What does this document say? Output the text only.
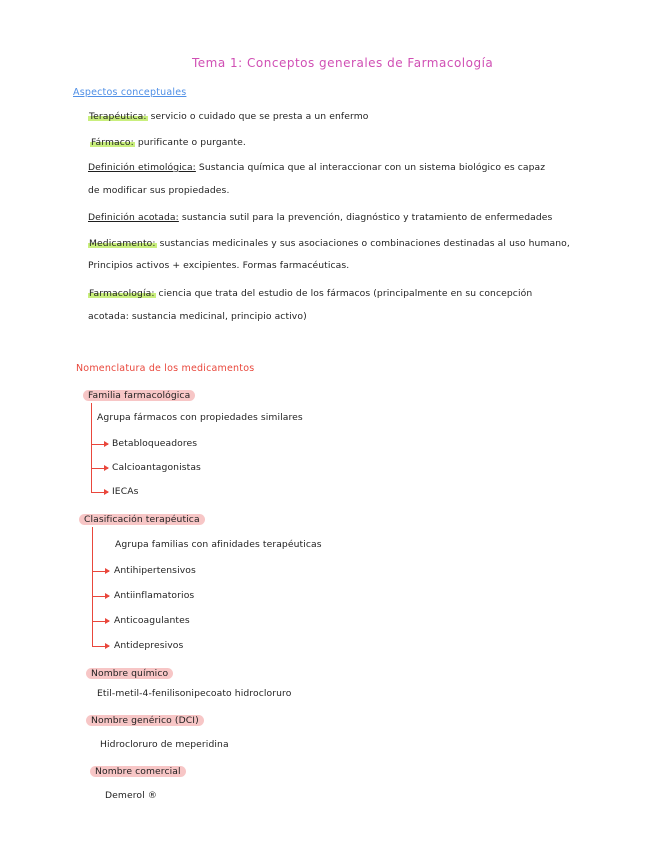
Tema 1: Conceptos generales de Farmacología
Aspectos conceptuales
Terapéutica: servicio o cuidado que se presta a un enfermo
Fármaco: purificante o purgante.
Definición etimológica: Sustancia química que al interaccionar con un sistema biológico es capaz
de modificar sus propiedades.
Definición acotada: sustancia sutil para la prevención, diagnóstico y tratamiento de enfermedades
Medicamento: sustancias medicinales y sus asociaciones o combinaciones destinadas al uso humano,
Principios activos + excipientes. Formas farmacéuticas.
Farmacología: ciencia que trata del estudio de los fármacos (principalmente en su concepción
acotada: sustancia medicinal, principio activo)
Nomenclatura de los medicamentos
Familia farmacológica
Agrupa fármacos con propiedades similares
Betabloqueadores
Calcioantagonistas
IECAs
Clasificación terapéutica
Agrupa familias con afinidades terapéuticas
Antihipertensivos
Antiinflamatorios
Anticoagulantes
Antidepresivos
Nombre químico
Etil-metil-4-fenilisonipecoato hidrocloruro
Nombre genérico (DCI)
Hidrocloruro de meperidina
Nombre comercial
Demerol ®
